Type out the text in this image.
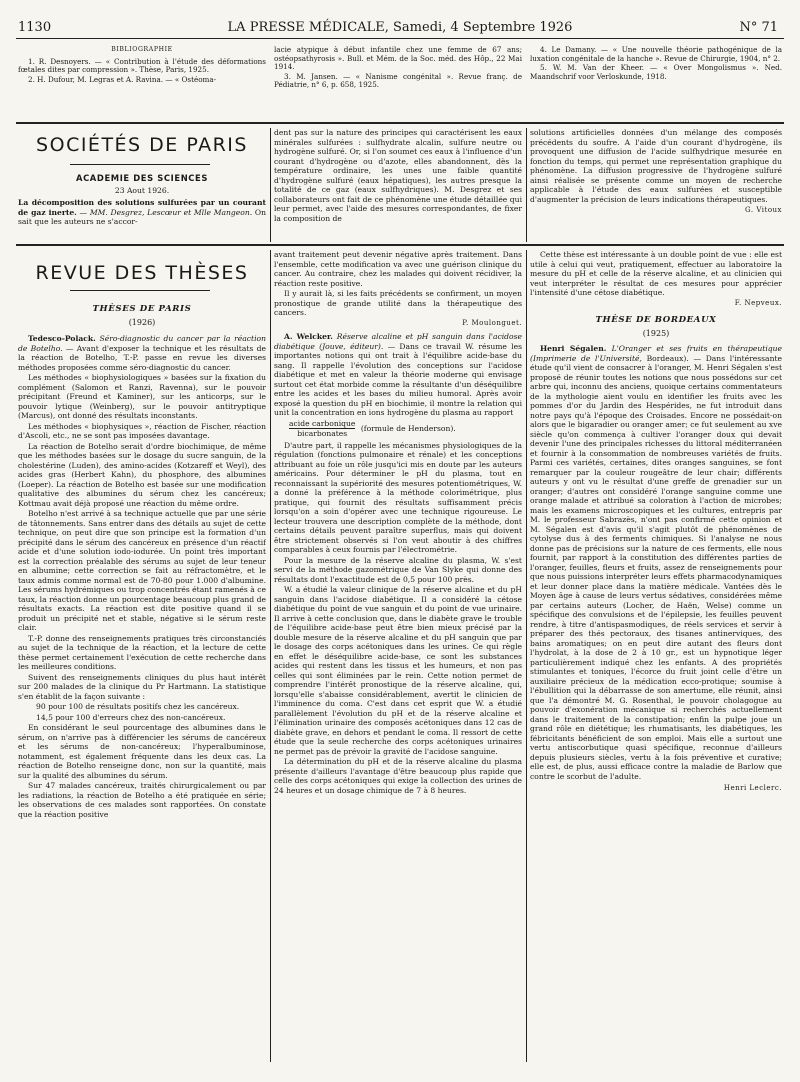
1130	LA PRESSE MÉDICALE, Samedi, 4 Septembre 1926	N° 71
BIBLIOGRAPHIE

1. R. Desnoyers. — « Contribution à l'étude des déformations fœtales dites par compression ». Thèse, Paris, 1925.

2. H. Dufour, M. Legras et A. Ravina. — « Ostéoma-

lacie atypique à début infantile chez une femme de 67 ans; ostéopsathyrosis ». Bull. et Mém. de la Soc. méd. des Hôp., 22 Mai 1914.

3. M. Jansen. — « Nanisme congénital ». Revue franç. de Pédiatrie, n° 6, p. 658, 1925.

4. Le Damany. — « Une nouvelle théorie pathogénique de la luxation congénitale de la hanche ». Revue de Chirurgie, 1904, n° 2.

5. W. M. Van der Kheer. — « Over Mongolismus ». Ned. Maandschrif voor Verloskunde, 1918.

SOCIÉTÉS DE PARIS
ACADÉMIE DES SCIENCES
23 Aout 1926.

La décomposition des solutions sulfurées par un courant de gaz inerte. — MM. Desgrez, Lescœur et Mlle Mangeon. On sait que les auteurs ne s'accor-

dent pas sur la nature des principes qui caractérisent les eaux minérales sulfurées : sulfhydrate alcalin, sulfure neutre ou hydrogène sulfuré. Or, si l'on soumet ces eaux à l'influence d'un courant d'hydrogène ou d'azote, elles abandonnent, dès la température ordinaire, les unes une faible quantité d'hydrogène sulfuré (eaux hépatiques), les autres presque la totalité de ce gaz (eaux sulfhydriques). M. Desgrez et ses collaborateurs ont fait de ce phénomène une étude détaillée qui leur permet, avec l'aide des mesures correspondantes, de fixer la composition de

solutions artificielles données d'un mélange des composés précédents du soufre. A l'aide d'un courant d'hydrogène, ils provoquent une diffusion de l'acide sulfhydrique mesurée en fonction du temps, qui permet une représentation graphique du phénomène. La diffusion progressive de l'hydrogène sulfuré ainsi réalisée se présente comme un moyen de recherche applicable à l'étude des eaux sulfurées et susceptible d'augmenter la précision de leurs indications thérapeutiques.

G. Vitoux
REVUE DES THÈSES
THÈSES DE PARIS
(1926)

Tedesco-Polack. Séro-diagnostic du cancer par la réaction de Botelho. — Avant d'exposer la technique et les résultats de la réaction de Botelho, T.-P. passe en revue les diverses méthodes proposées comme séro-diagnostic du cancer.

Les méthodes « biophysiologiques » basées sur la fixation du complément (Salomon et Ranzi, Ravenna), sur le pouvoir précipitant (Freund et Kaminer), sur les anticorps, sur le pouvoir lytique (Weinberg), sur le pouvoir antitryptique (Marcus), ont donné des résultats inconstants.

Les méthodes « biophysiques », réaction de Fischer, réaction d'Ascoli, etc., ne se sont pas imposées davantage.

La réaction de Botelho serait d'ordre biochimique, de même que les méthodes basées sur le dosage du sucre sanguin, de la cholestérine (Luden), des amino-acides (Kotzareff et Weyl), des acides gras (Herbert Kahn), du phosphore, des albumines (Loeper). La réaction de Botelho est basée sur une modification qualitative des albumines du sérum chez les cancéreux; Kottmau avait déjà proposé une réaction du même ordre.

Botelho n'est arrivé à sa technique actuelle que par une série de tâtonnements. Sans entrer dans des détails au sujet de cette technique, on peut dire que son principe est la formation d'un précipité dans le sérum des cancéreux en présence d'un réactif acide et d'une solution iodo-iodurée. Un point très important est la correction préalable des sérums au sujet de leur teneur en albumine; cette correction se fait au réfractomètre, et le taux admis comme normal est de 70-80 pour 1.000 d'albumine. Les sérums hydrémiques ou trop concentrés étant ramenés à ce taux, la réaction donne un pourcentage beaucoup plus grand de résultats exacts. La réaction est dite positive quand il se produit un précipité net et stable, négative si le sérum reste clair.

T.-P. donne des renseignements pratiques très circonstanciés au sujet de la technique de la réaction, et la lecture de cette thèse permet certainement l'exécution de cette recherche dans les meilleures conditions.

Suivent des renseignements cliniques du plus haut intérêt sur 200 malades de la clinique du Pr Hartmann. La statistique s'en établit de la façon suivante :

90 pour 100 de résultats positifs chez les cancéreux.

14,5 pour 100 d'erreurs chez des non-cancéreux.

En considérant le seul pourcentage des albumines dans le sérum, on n'arrive pas à différencier les sérums de cancéreux et les sérums de non-cancéreux; l'hyperalbuminose, notamment, est également fréquente dans les deux cas. La réaction de Botelho renseigne donc, non sur la quantité, mais sur la qualité des albumines du sérum.

Sur 47 malades cancéreux, traités chirurgicalement ou par les radiations, la réaction de Botelho a été pratiquée en série; les observations de ces malades sont rapportées. On constate que la réaction positive

avant traitement peut devenir négative après traitement. Dans l'ensemble, cette modification va avec une guérison clinique du cancer. Au contraire, chez les malades qui doivent récidiver, la réaction reste positive.

Il y aurait là, si les faits précédents se confirment, un moyen pronostique de grande utilité dans la thérapeutique des cancers.

P. Moulonguet.

A. Welcker. Réserve alcaline et pH sanguin dans l'acidose diabétique (Jouve, éditeur). — Dans ce travail W. résume les importantes notions qui ont trait à l'équilibre acide-base du sang. Il rappelle l'évolution des conceptions sur l'acidose diabétique et met en valeur la théorie moderne qui envisage surtout cet état morbide comme la résultante d'un déséquilibre entre les acides et les bases du milieu humoral. Après avoir exposé la question du pH en biochimie, il montre la relation qui unit la concentration en ions hydrogène du plasma au rapport

$\frac{\text{acide carbonique}}{\text{bicarbonates}}$ (formule de Henderson).

D'autre part, il rappelle les mécanismes physiologiques de la régulation (fonctions pulmonaire et rénale) et les conceptions attribuant au foie un rôle jusqu'ici mis en doute par les auteurs américains. Pour déterminer le pH du plasma, tout en reconnaissant la supériorité des mesures potentiométriques, W. a donné la préférence à la méthode colorimétrique, plus pratique, qui fournit des résultats suffisamment précis lorsqu'on a soin d'opérer avec une technique rigoureuse. Le lecteur trouvera une description complète de la méthode, dont certains détails peuvent paraître superflus, mais qui doivent être strictement observés si l'on veut aboutir à des chiffres comparables à ceux fournis par l'électrométrie.

Pour la mesure de la réserve alcaline du plasma, W. s'est servi de la méthode gazométrique de Van Slyke qui donne des résultats dont l'exactitude est de 0,5 pour 100 près.

W. a étudié la valeur clinique de la réserve alcaline et du pH sanguin dans l'acidose diabétique. Il a considéré la cétose diabétique du point de vue sanguin et du point de vue urinaire. Il arrive à cette conclusion que, dans le diabète grave le trouble de l'équilibre acide-base peut être bien mieux précisé par la double mesure de la réserve alcaline et du pH sanguin que par le dosage des corps acétoniques dans les urines. Ce qui règle en effet le déséquilibre acide-base, ce sont les substances acides qui restent dans les tissus et les humeurs, et non pas celles qui sont éliminées par le rein. Cette notion permet de comprendre l'intérêt pronostique de la réserve alcaline, qui, lorsqu'elle s'abaisse considérablement, avertit le clinicien de l'imminence du coma. C'est dans cet esprit que W. a étudié parallèlement l'évolution du pH et de la réserve alcaline et l'élimination urinaire des composés acétoniques dans 12 cas de diabète grave, en dehors et pendant le coma. Il ressort de cette étude que la seule recherche des corps acétoniques urinaires ne permet pas de prévoir la gravité de l'acidose sanguine.

La détermination du pH et de la réserve alcaline du plasma présente d'ailleurs l'avantage d'être beaucoup plus rapide que celle des corps acétoniques qui exige la collection des urines de 24 heures et un dosage chimique de 7 à 8 heures.

Cette thèse est intéressante à un double point de vue : elle est utile à celui qui veut, pratiquement, effectuer au laboratoire la mesure du pH et celle de la réserve alcaline, et au clinicien qui veut interpréter le résultat de ces mesures pour apprécier l'intensité d'une cétose diabétique.

F. Nepveux.
THÈSE DE BORDEAUX
(1925)

Henri Ségalen. L'Oranger et ses fruits en thérapeutique (Imprimerie de l'Université, Bordeaux). — Dans l'intéressante étude qu'il vient de consacrer à l'oranger, M. Henri Ségalen s'est proposé de réunir toutes les notions que nous possédons sur cet arbre qui, inconnu des anciens, quoique certains commentateurs de la mythologie aient voulu en identifier les fruits avec les pommes d'or du Jardin des Hespérides, ne fut introduit dans notre pays qu'à l'époque des Croisades. Encore ne possédait-on alors que le bigaradier ou oranger amer; ce fut seulement au xve siècle qu'on commença à cultiver l'oranger doux qui devait devenir l'une des principales richesses du littoral méditerranéen et fournir à la consommation de nombreuses variétés de fruits. Parmi ces variétés, certaines, dites oranges sanguines, se font remarquer par la couleur rougeâtre de leur chair; différents auteurs y ont vu le résultat d'une greffe de grenadier sur un oranger; d'autres ont considéré l'orange sanguine comme une orange malade et attribué sa coloration à l'action de microbes; mais les examens microscopiques et les cultures, entrepris par M. le professeur Sabrazès, n'ont pas confirmé cette opinion et M. Ségalen est d'avis qu'il s'agit plutôt de phénomènes de cytolyse dus à des ferments chimiques. Si l'analyse ne nous donne pas de précisions sur la nature de ces ferments, elle nous fournit, par rapport à la constitution des différentes parties de l'oranger, feuilles, fleurs et fruits, assez de renseignements pour que nous puissions interpréter leurs effets pharmacodynamiques et leur donner place dans la matière médicale. Vantées dès le Moyen âge à cause de leurs vertus sédatives, considérées même par certains auteurs (Locher, de Haën, Welse) comme un spécifique des convulsions et de l'épilepsie, les feuilles peuvent rendre, à titre d'antispasmodiques, de réels services et servir à préparer des thés pectoraux, des tisanes antinerviques, des bains aromatiques; on en peut dire autant des fleurs dont l'hydrolat, à la dose de 2 à 10 gr., est un hypnotique léger particulièrement indiqué chez les enfants. A des propriétés stimulantes et toniques, l'écorce du fruit joint celle d'être un auxiliaire précieux de la médication ecco-protique; soumise à l'ébullition qui la débarrasse de son amertume, elle réunit, ainsi que l'a démontré M. G. Rosenthal, le pouvoir cholagogue au pouvoir d'exonération mécanique si recherchés actuellement dans le traitement de la constipation; enfin la pulpe joue un grand rôle en diététique; les rhumatisants, les diabétiques, les fébricitants bénéficient de son emploi. Mais elle a surtout une vertu antiscorbutique quasi spécifique, reconnue d'ailleurs depuis plusieurs siècles, vertu à la fois préventive et curative; elle est, de plus, aussi efficace contre la maladie de Barlow que contre le scorbut de l'adulte.

Henri Leclerc.
